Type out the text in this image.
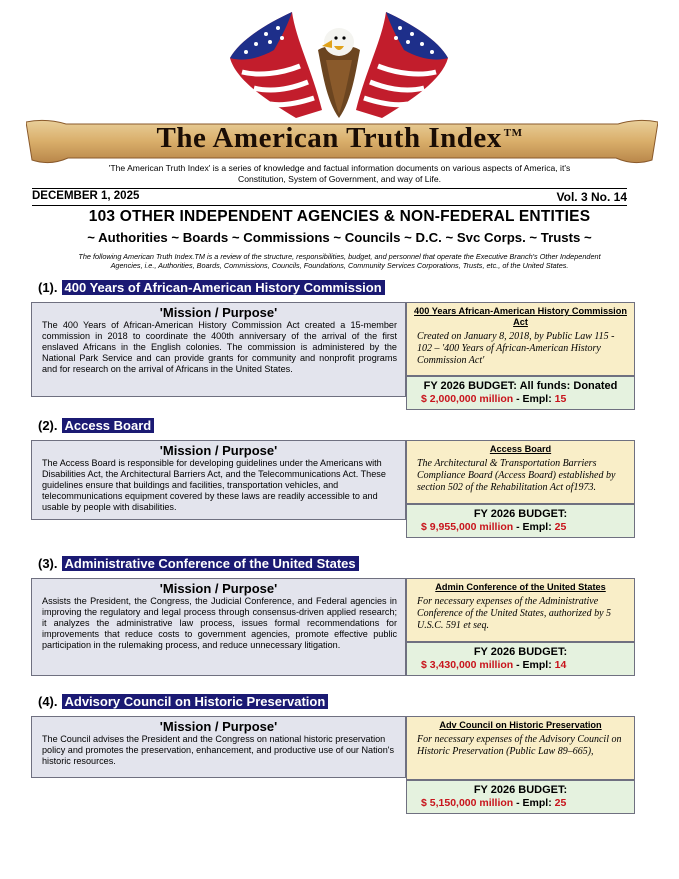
The American Truth Index ™
'The American Truth Index' is a series of knowledge and factual information documents on various aspects of America, it's Constitution, System of Government, and way of Life.
DECEMBER 1, 2025	Vol. 3 No. 14
103 OTHER INDEPENDENT AGENCIES & NON-FEDERAL ENTITIES
~ Authorities ~ Boards ~ Commissions ~ Councils ~ D.C. ~ Svc Corps. ~ Trusts ~
The following American Truth Index.TM is a review of the structure, responsibilities, budget, and personnel that operate the Executive Branch's Other Independent Agencies, i.e., Authorities, Boards, Commissions, Councils, Foundations, Community Services Corporations, Trusts, etc., of the United States.
(1). 400 Years of African-American History Commission
'Mission / Purpose'
The 400 Years of African-American History Commission Act created a 15-member commission in 2018 to coordinate the 400th anniversary of the arrival of the first enslaved Africans in the English colonies. The commission is administered by the National Park Service and can provide grants for community and nonprofit programs and for research on the arrival of Africans in the United States.
400 Years African-American History Commission Act
Created on January 8, 2018, by Public Law 115 - 102 – '400 Years of African-American History Commission Act'
FY 2026 BUDGET: All funds: Donated
$ 2,000,000 million - Empl: 15
(2). Access Board
'Mission / Purpose'
The Access Board is responsible for developing guidelines under the Americans with Disabilities Act, the Architectural Barriers Act, and the Telecommunications Act. These guidelines ensure that buildings and facilities, transportation vehicles, and telecommunications equipment covered by these laws are readily accessible to and usable by people with disabilities.
Access Board
The Architectural & Transportation Barriers Compliance Board (Access Board) established by section 502 of the Rehabilitation Act of1973.
FY 2026 BUDGET:
$ 9,955,000 million - Empl: 25
(3). Administrative Conference of the United States
'Mission / Purpose'
Assists the President, the Congress, the Judicial Conference, and Federal agencies in improving the regulatory and legal process through consensus-driven applied research; it analyzes the administrative law process, issues formal recommendations for improvements that reduce costs to government agencies, promote effective public participation in the rulemaking process, and reduce unnecessary litigation.
Admin Conference of the United States
For necessary expenses of the Administrative Conference of the United States, authorized by 5 U.S.C. 591 et seq.
FY 2026 BUDGET:
$ 3,430,000 million - Empl: 14
(4). Advisory Council on Historic Preservation
'Mission / Purpose'
The Council advises the President and the Congress on national historic preservation policy and promotes the preservation, enhancement, and productive use of our Nation's historic resources.
Adv Council on Historic Preservation
For necessary expenses of the Advisory Council on Historic Preservation (Public Law 89–665),
FY 2026 BUDGET:
$ 5,150,000 million - Empl: 25
